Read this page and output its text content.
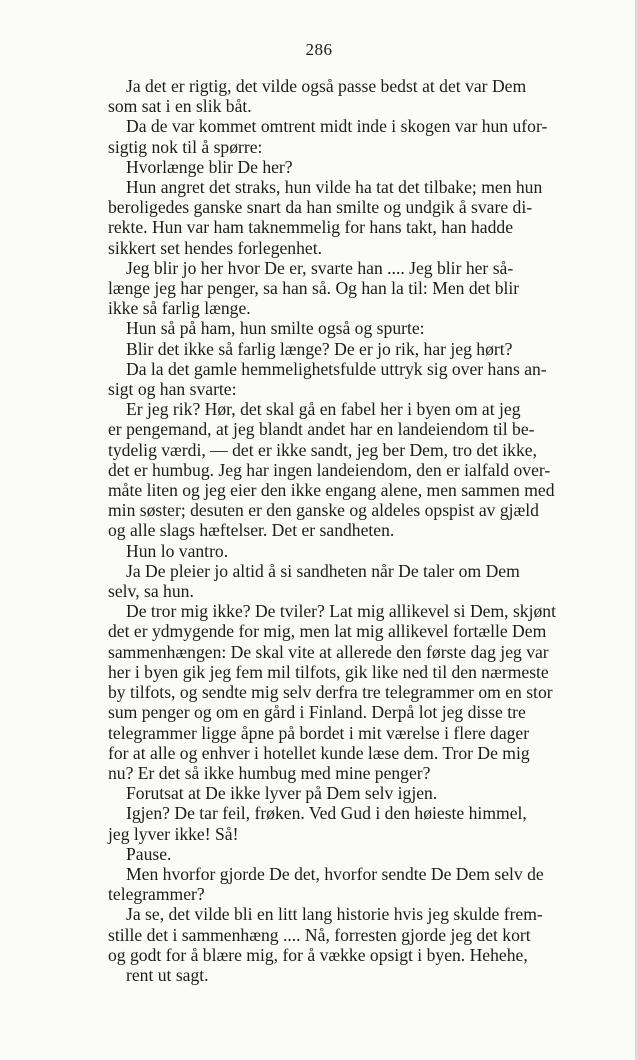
286

Ja det er rigtig, det vilde også passe bedst at det var Dem

som sat i en slik båt.

Da de var kommet omtrent midt inde i skogen var hun ufor-

sigtig nok til å spørre:

Hvorlænge blir De her?

Hun angret det straks, hun vilde ha tat det tilbake; men hun

beroligedes ganske snart da han smilte og undgik å svare di-

rekte. Hun var ham taknemmelig for hans takt, han hadde

sikkert set hendes forlegenhet.

Jeg blir jo her hvor De er, svarte han .... Jeg blir her så-

længe jeg har penger, sa han så. Og han la til: Men det blir

ikke så farlig længe.

Hun så på ham, hun smilte også og spurte:

Blir det ikke så farlig længe? De er jo rik, har jeg hørt?

Da la det gamle hemmelighetsfulde uttryk sig over hans an-

sigt og han svarte:

Er jeg rik? Hør, det skal gå en fabel her i byen om at jeg

er pengemand, at jeg blandt andet har en landeiendom til be-

tydelig værdi, — det er ikke sandt, jeg ber Dem, tro det ikke,

det er humbug. Jeg har ingen landeiendom, den er ialfald over-

måte liten og jeg eier den ikke engang alene, men sammen med

min søster; desuten er den ganske og aldeles opspist av gjæld

og alle slags hæftelser. Det er sandheten.

Hun lo vantro.

Ja De pleier jo altid å si sandheten når De taler om Dem

selv, sa hun.

De tror mig ikke? De tviler? Lat mig allikevel si Dem, skjønt

det er ydmygende for mig, men lat mig allikevel fortælle Dem

sammenhængen: De skal vite at allerede den første dag jeg var

her i byen gik jeg fem mil tilfots, gik like ned til den nærmeste

by tilfots, og sendte mig selv derfra tre telegrammer om en stor

sum penger og om en gård i Finland. Derpå lot jeg disse tre

telegrammer ligge åpne på bordet i mit værelse i flere dager

for at alle og enhver i hotellet kunde læse dem. Tror De mig

nu? Er det så ikke humbug med mine penger?

Forutsat at De ikke lyver på Dem selv igjen.

Igjen? De tar feil, frøken. Ved Gud i den høieste himmel,

jeg lyver ikke! Så!

Pause.

Men hvorfor gjorde De det, hvorfor sendte De Dem selv de

telegrammer?

Ja se, det vilde bli en litt lang historie hvis jeg skulde frem-

stille det i sammenhæng .... Nå, forresten gjorde jeg det kort

og godt for å blære mig, for å vække opsigt i byen. Hehehe,

rent ut sagt.
